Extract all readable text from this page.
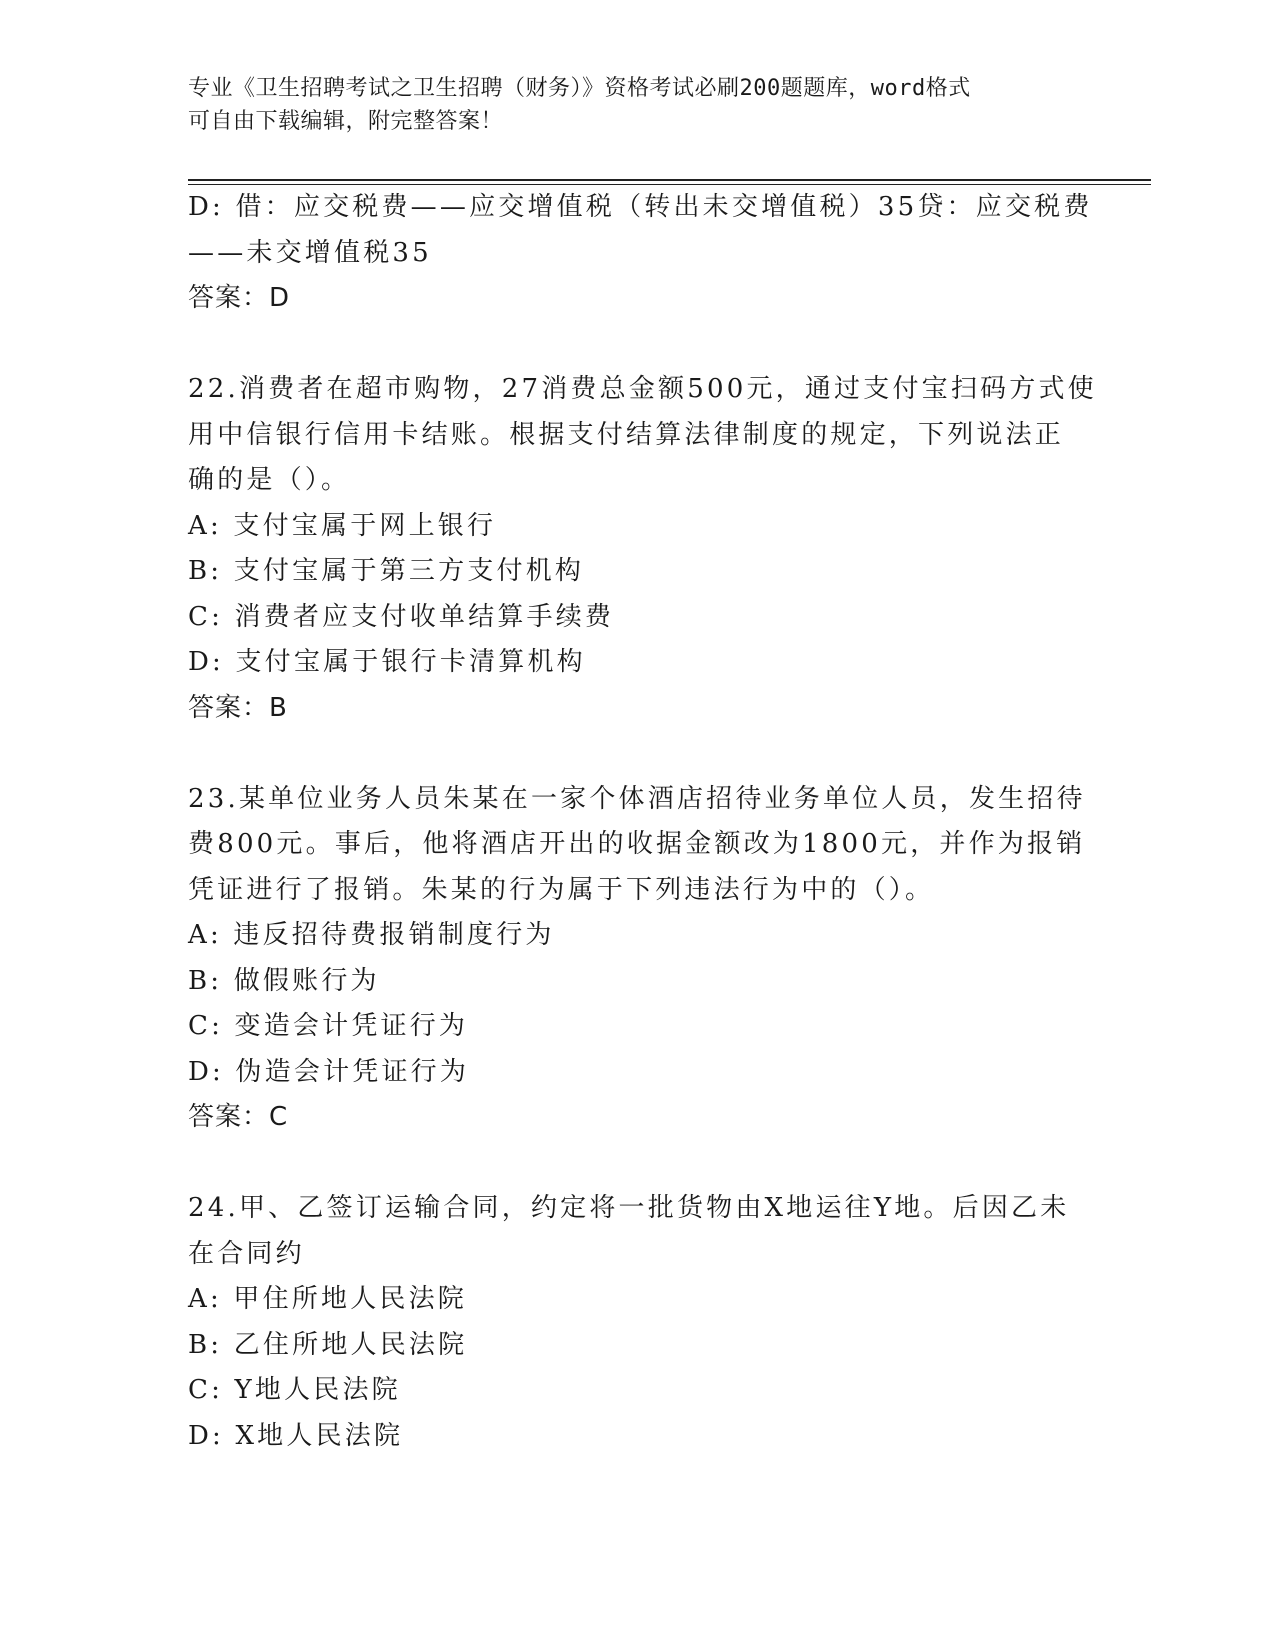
专业《卫生招聘考试之卫生招聘（财务）》资格考试必刷200题题库，word格式
可自由下载编辑，附完整答案！
D: 借：应交税费——应交增值税（转出未交增值税）35贷：应交税费
——未交增值税35
答案：D
22.消费者在超市购物，27消费总金额500元，通过支付宝扫码方式使
用中信银行信用卡结账。根据支付结算法律制度的规定，下列说法正
确的是（）。
A: 支付宝属于网上银行
B: 支付宝属于第三方支付机构
C: 消费者应支付收单结算手续费
D: 支付宝属于银行卡清算机构
答案：B
23.某单位业务人员朱某在一家个体酒店招待业务单位人员，发生招待
费800元。事后，他将酒店开出的收据金额改为1800元，并作为报销
凭证进行了报销。朱某的行为属于下列违法行为中的（）。
A: 违反招待费报销制度行为
B: 做假账行为
C: 变造会计凭证行为
D: 伪造会计凭证行为
答案：C
24.甲、乙签订运输合同，约定将一批货物由X地运往Y地。后因乙未
在合同约
A: 甲住所地人民法院
B: 乙住所地人民法院
C: Y地人民法院
D: X地人民法院
